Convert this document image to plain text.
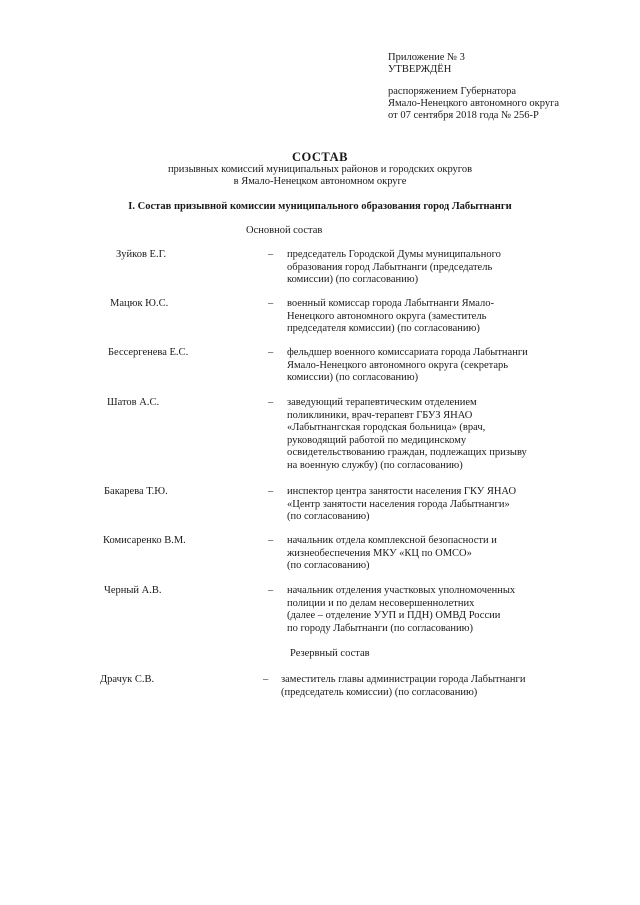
Приложение № 3
УТВЕРЖДЁН
распоряжением Губернатора
Ямало-Ненецкого автономного округа
от 07 сентября 2018 года № 256-Р
СОСТАВ
призывных комиссий муниципальных районов и городских округов
в Ямало-Ненецком автономном округе
I. Состав призывной комиссии муниципального образования город Лабытнанги
Основной состав
Зуйков Е.Г.	– председатель Городской Думы муниципального
образования город Лабытнанги (председатель
комиссии) (по согласованию)
Мацюк Ю.С.	– военный комиссар города Лабытнанги Ямало-
Ненецкого автономного округа (заместитель
председателя комиссии) (по согласованию)
Бессергенева Е.С.	– фельдшер военного комиссариата города Лабытнанги
Ямало-Ненецкого автономного округа (секретарь
комиссии) (по согласованию)
Шатов А.С.	– заведующий терапевтическим отделением
поликлиники, врач-терапевт ГБУЗ ЯНАО
«Лабытнангская городская больница» (врач,
руководящий работой по медицинскому
освидетельствованию граждан, подлежащих призыву
на военную службу) (по согласованию)
Бакарева Т.Ю.	– инспектор центра занятости населения ГКУ ЯНАО
«Центр занятости населения города Лабытнанги»
(по согласованию)
Комисаренко В.М.	– начальник отдела комплексной безопасности и
жизнеобеспечения МКУ «КЦ по ОМСО»
(по согласованию)
Черный А.В.	– начальник отделения участковых уполномоченных
полиции и по делам несовершеннолетних
(далее – отделение УУП и ПДН) ОМВД России
по городу Лабытнанги (по согласованию)
Резервный состав
Драчук С.В.	– заместитель главы администрации города Лабытнанги
(председатель комиссии) (по согласованию)
